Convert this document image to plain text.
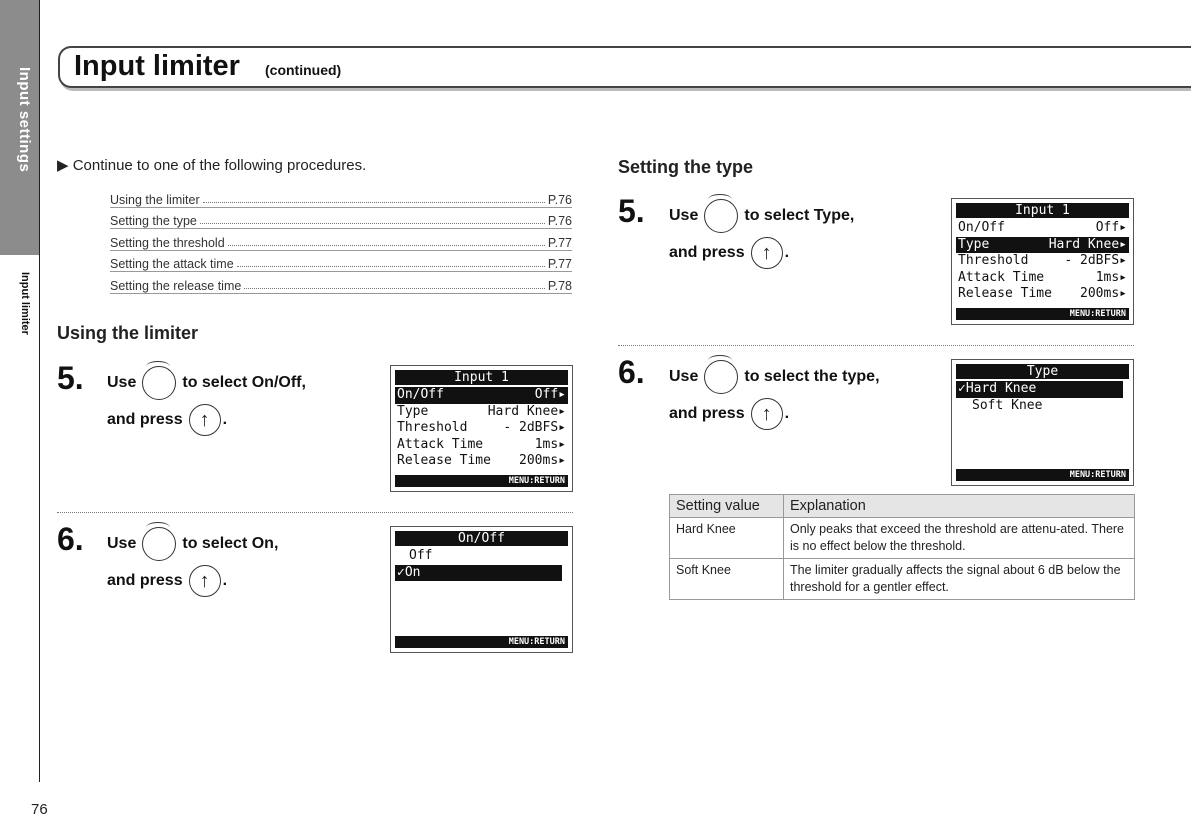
Input settings
Input limiter
Input limiter (continued)
▶ Continue to one of the following procedures.
Using the limiter	P.76
Setting the type	P.76
Setting the threshold	P.77
Setting the attack time	P.77
Setting the release time	P.78
Using the limiter
5. Use	to select On/Off,
and press ↑	.
Input 1
On/Off	Off▸
Type	Hard Knee▸
Threshold	- 2dBFS▸
Attack Time	1ms▸
Release Time 200ms▸
MENU:RETURN
6. Use	to select On,
and press ↑	.
On/Off
Off
✓On
MENU:RETURN
Setting the type
5. Use	to select Type,
and press ↑	.
Input 1
On/Off	Off▸
Type	Hard Knee▸
Threshold	- 2dBFS▸
Attack Time	1ms▸
Release Time 200ms▸
MENU:RETURN
6. Use	to select the type,
and press ↑	.
Type
✓Hard Knee
Soft Knee
MENU:RETURN
Setting value	Explanation
Hard Knee	Only peaks that exceed the threshold are attenu-ated. There is no effect below the threshold.
Soft Knee	The limiter gradually affects the signal about 6 dB below the threshold for a gentler effect.
76
